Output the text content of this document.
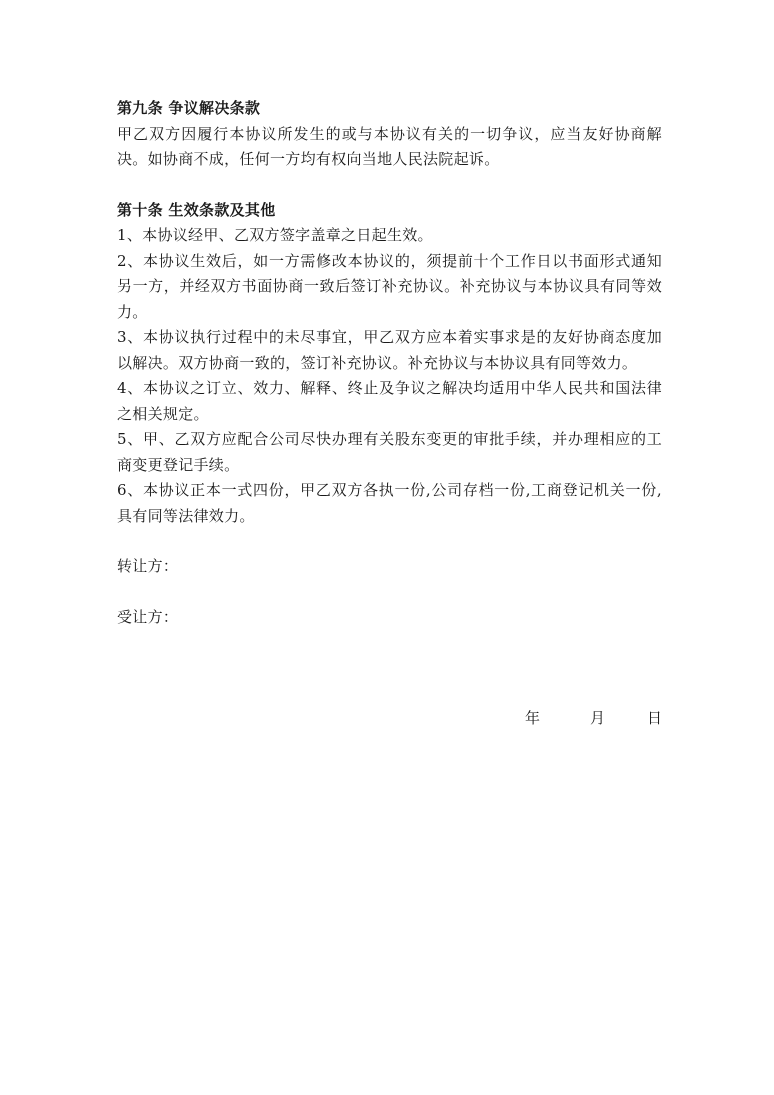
第九条 争议解决条款

甲乙双方因履行本协议所发生的或与本协议有关的一切争议，应当友好协商解决。如协商不成，任何一方均有权向当地人民法院起诉。

第十条 生效条款及其他

1、本协议经甲、乙双方签字盖章之日起生效。

2、本协议生效后，如一方需修改本协议的，须提前十个工作日以书面形式通知另一方，并经双方书面协商一致后签订补充协议。补充协议与本协议具有同等效力。

3、本协议执行过程中的未尽事宜，甲乙双方应本着实事求是的友好协商态度加以解决。双方协商一致的，签订补充协议。补充协议与本协议具有同等效力。

4、本协议之订立、效力、解释、终止及争议之解决均适用中华人民共和国法律之相关规定。

5、甲、乙双方应配合公司尽快办理有关股东变更的审批手续，并办理相应的工商变更登记手续。

6、本协议正本一式四份，甲乙双方各执一份,公司存档一份,工商登记机关一份,具有同等法律效力。

转让方：

受让方：

年	月	日
